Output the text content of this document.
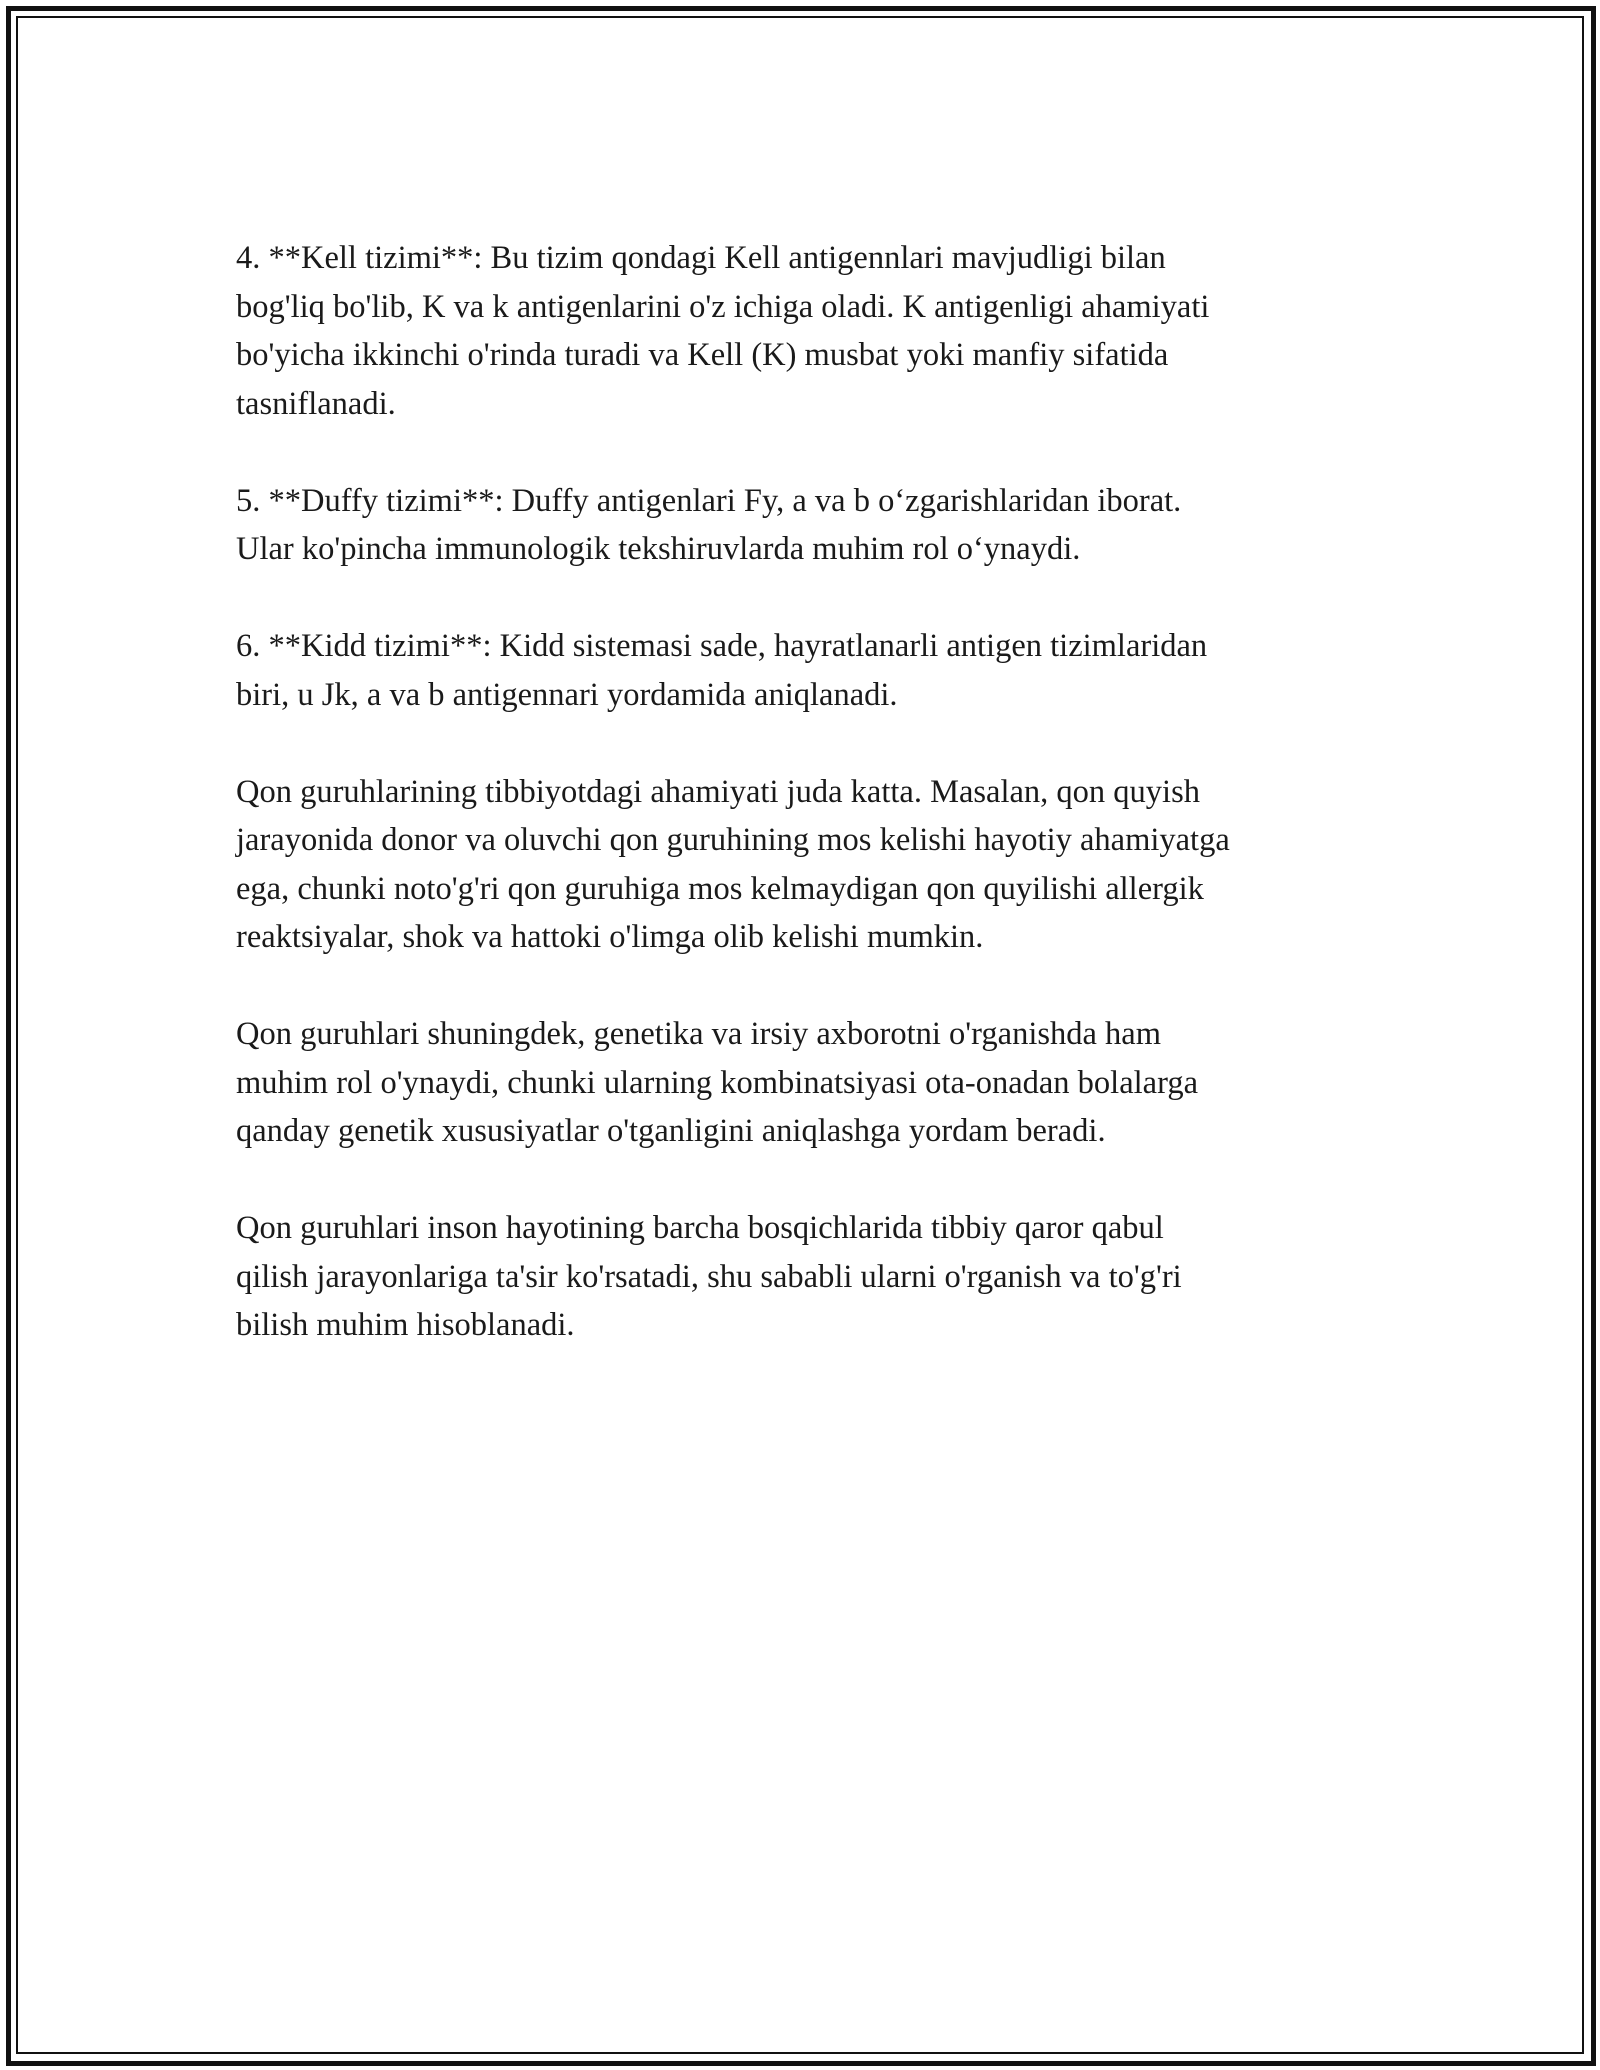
4. **Kell tizimi**: Bu tizim qondagi Kell antigennlari mavjudligi bilan
bog'liq bo'lib, K va k antigenlarini o'z ichiga oladi. K antigenligi ahamiyati
bo'yicha ikkinchi o'rinda turadi va Kell (K) musbat yoki manfiy sifatida
tasniflanadi.

5. **Duffy tizimi**: Duffy antigenlari Fy, a va b o‘zgarishlaridan iborat.
Ular ko'pincha immunologik tekshiruvlarda muhim rol o‘ynaydi.

6. **Kidd tizimi**: Kidd sistemasi sade, hayratlanarli antigen tizimlaridan
biri, u Jk, a va b antigennari yordamida aniqlanadi.

Qon guruhlarining tibbiyotdagi ahamiyati juda katta. Masalan, qon quyish
jarayonida donor va oluvchi qon guruhining mos kelishi hayotiy ahamiyatga
ega, chunki noto'g'ri qon guruhiga mos kelmaydigan qon quyilishi allergik
reaktsiyalar, shok va hattoki o'limga olib kelishi mumkin.

Qon guruhlari shuningdek, genetika va irsiy axborotni o'rganishda ham
muhim rol o'ynaydi, chunki ularning kombinatsiyasi ota-onadan bolalarga
qanday genetik xususiyatlar o'tganligini aniqlashga yordam beradi.

Qon guruhlari inson hayotining barcha bosqichlarida tibbiy qaror qabul
qilish jarayonlariga ta'sir ko'rsatadi, shu sababli ularni o'rganish va to'g'ri
bilish muhim hisoblanadi.
